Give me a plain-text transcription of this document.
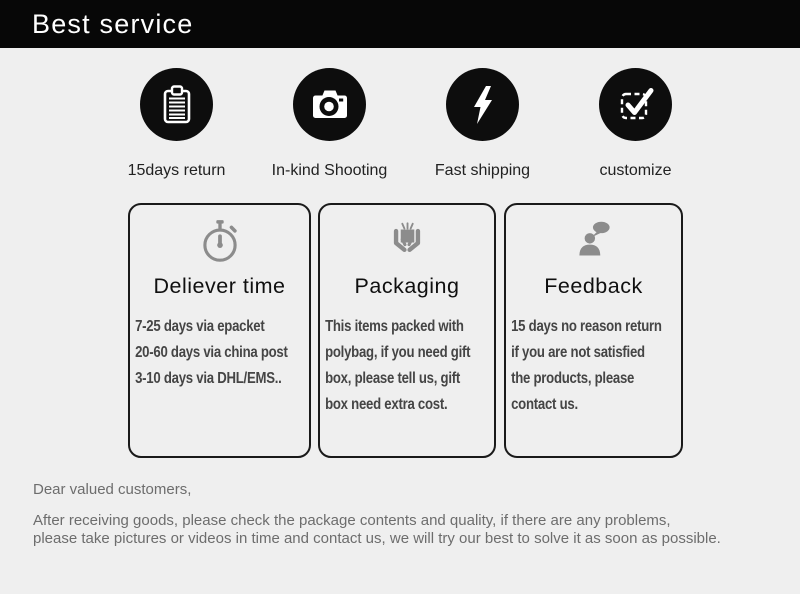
Best service
15days return	In-kind Shooting	Fast shipping	customize
Deliever time
7-25 days via epacket
20-60 days via china post
3-10 days via DHL/EMS..
Packaging
This items packed with
polybag, if you need gift
box, please tell us, gift
box need extra cost.
Feedback
15 days no reason return
if you are not satisfied
the products, please
contact us.

Dear valued customers,

After receiving goods, please check the package contents and quality, if there are any problems,

please take pictures or videos in time and contact us, we will try our best to solve it as soon as possible.
